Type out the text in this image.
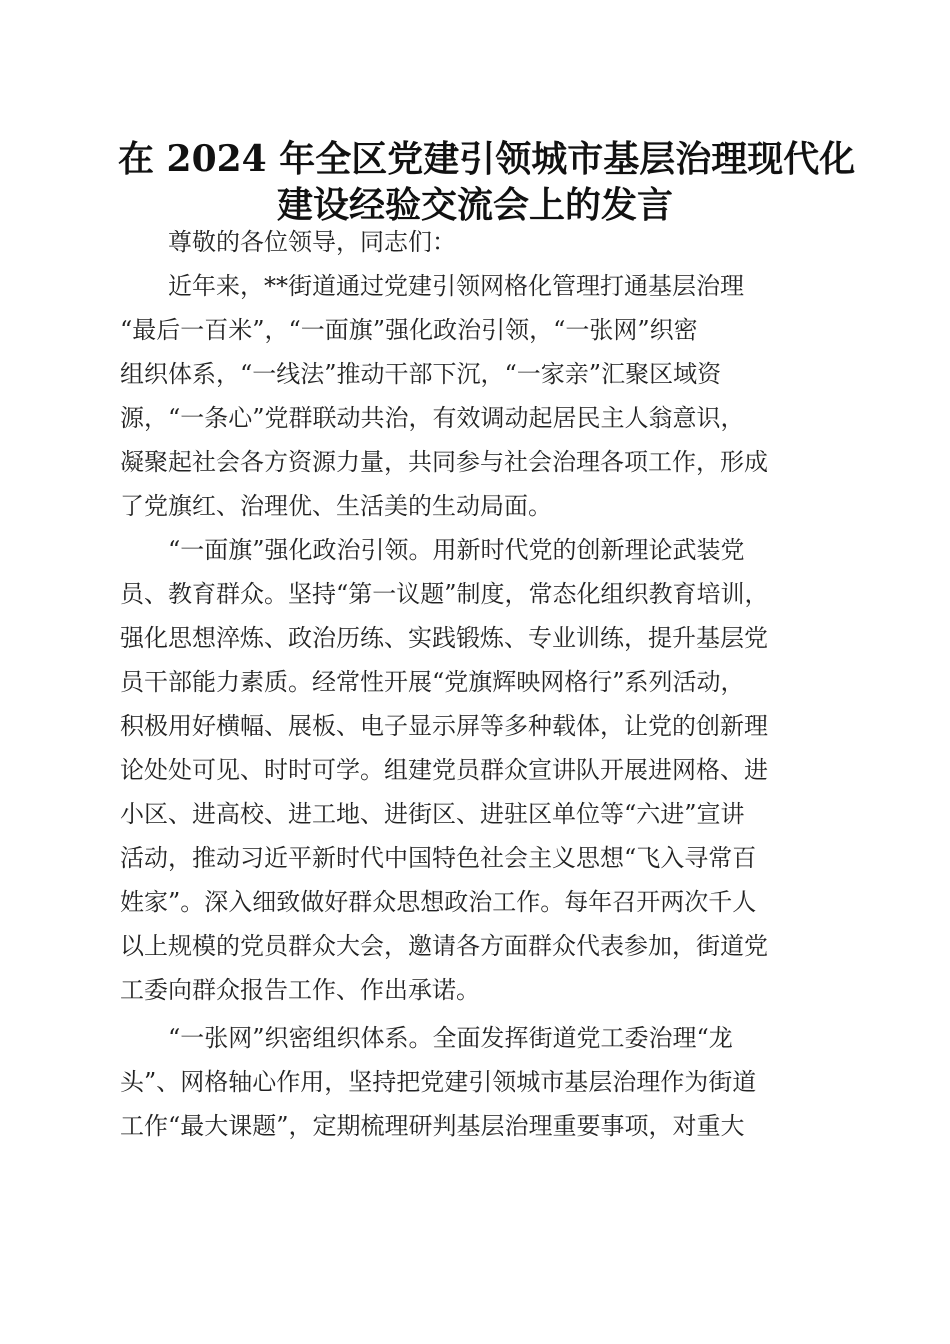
在 2024 年全区党建引领城市基层治理现代化
建设经验交流会上的发言

尊敬的各位领导，同志们：

近年来，**街道通过党建引领网格化管理打通基层治理

“最后一百米”，“一面旗”强化政治引领，“一张网”织密

组织体系，“一线法”推动干部下沉，“一家亲”汇聚区域资

源，“一条心”党群联动共治，有效调动起居民主人翁意识，

凝聚起社会各方资源力量，共同参与社会治理各项工作，形成

了党旗红、治理优、生活美的生动局面。

“一面旗”强化政治引领。用新时代党的创新理论武装党

员、教育群众。坚持“第一议题”制度，常态化组织教育培训，

强化思想淬炼、政治历练、实践锻炼、专业训练，提升基层党

员干部能力素质。经常性开展“党旗辉映网格行”系列活动，

积极用好横幅、展板、电子显示屏等多种载体，让党的创新理

论处处可见、时时可学。组建党员群众宣讲队开展进网格、进

小区、进高校、进工地、进街区、进驻区单位等“六进”宣讲

活动，推动习近平新时代中国特色社会主义思想“飞入寻常百

姓家”。深入细致做好群众思想政治工作。每年召开两次千人

以上规模的党员群众大会，邀请各方面群众代表参加，街道党

工委向群众报告工作、作出承诺。

“一张网”织密组织体系。全面发挥街道党工委治理“龙

头”、网格轴心作用，坚持把党建引领城市基层治理作为街道

工作“最大课题”，定期梳理研判基层治理重要事项，对重大
